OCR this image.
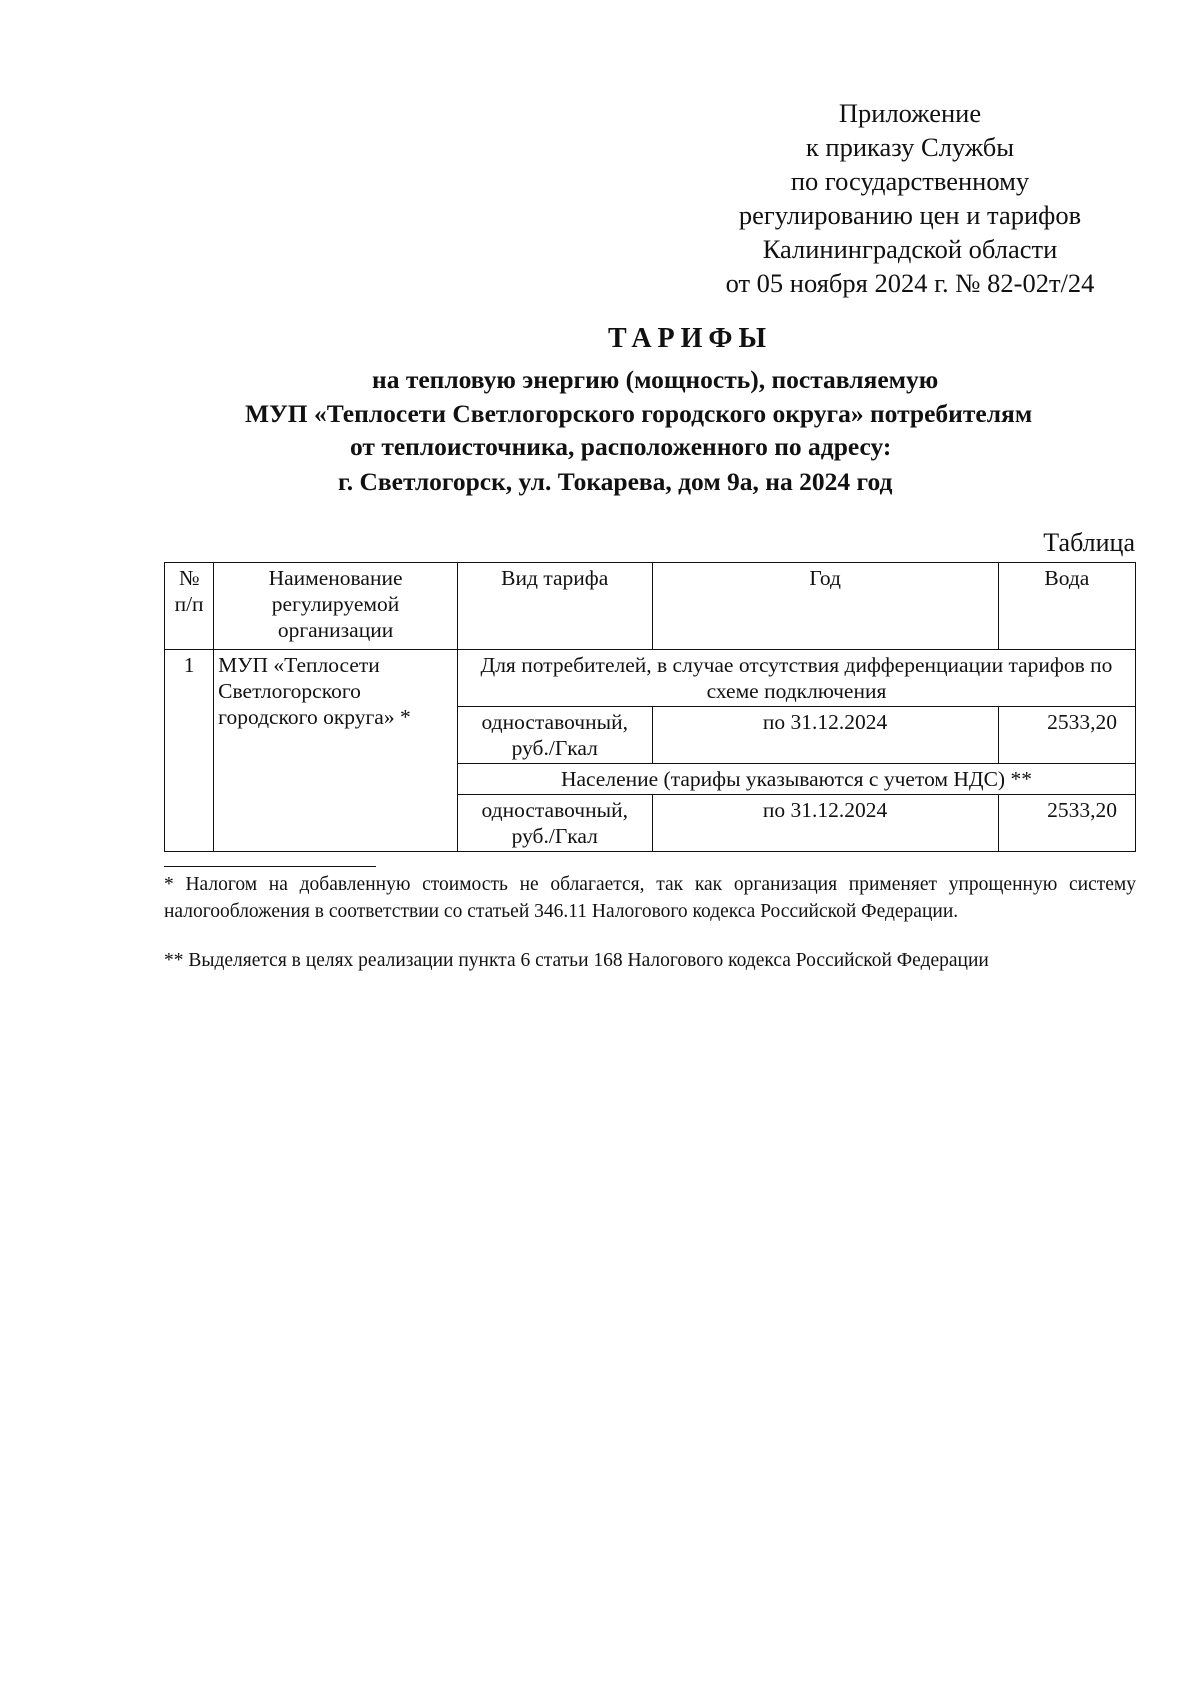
Приложение
к приказу Службы
по государственному
регулированию цен и тарифов
Калининградской области
от 05 ноября 2024 г. № 82-02т/24
ТАРИФЫ
на тепловую энергию (мощность), поставляемую
МУП «Теплосети Светлогорского городского округа» потребителям
от теплоисточника, расположенного по адресу:
г. Светлогорск, ул. Токарева, дом 9а, на 2024 год
Таблица
№ п/п	Наименование регулируемой организации	Вид тарифа	Год	Вода
1	МУП «Теплосети Светлогорского городского округа» *	Для потребителей, в случае отсутствия дифференциации тарифов по схеме подключения		
		одноставочный, руб./Гкал	по 31.12.2024	2533,20
		Население (тарифы указываются с учетом НДС) **		
		одноставочный, руб./Гкал	по 31.12.2024	2533,20
* Налогом на добавленную стоимость не облагается, так как организация применяет упрощенную систему налогообложения в соответствии со статьей 346.11 Налогового кодекса Российской Федерации.
** Выделяется в целях реализации пункта 6 статьи 168 Налогового кодекса Российской Федерации
